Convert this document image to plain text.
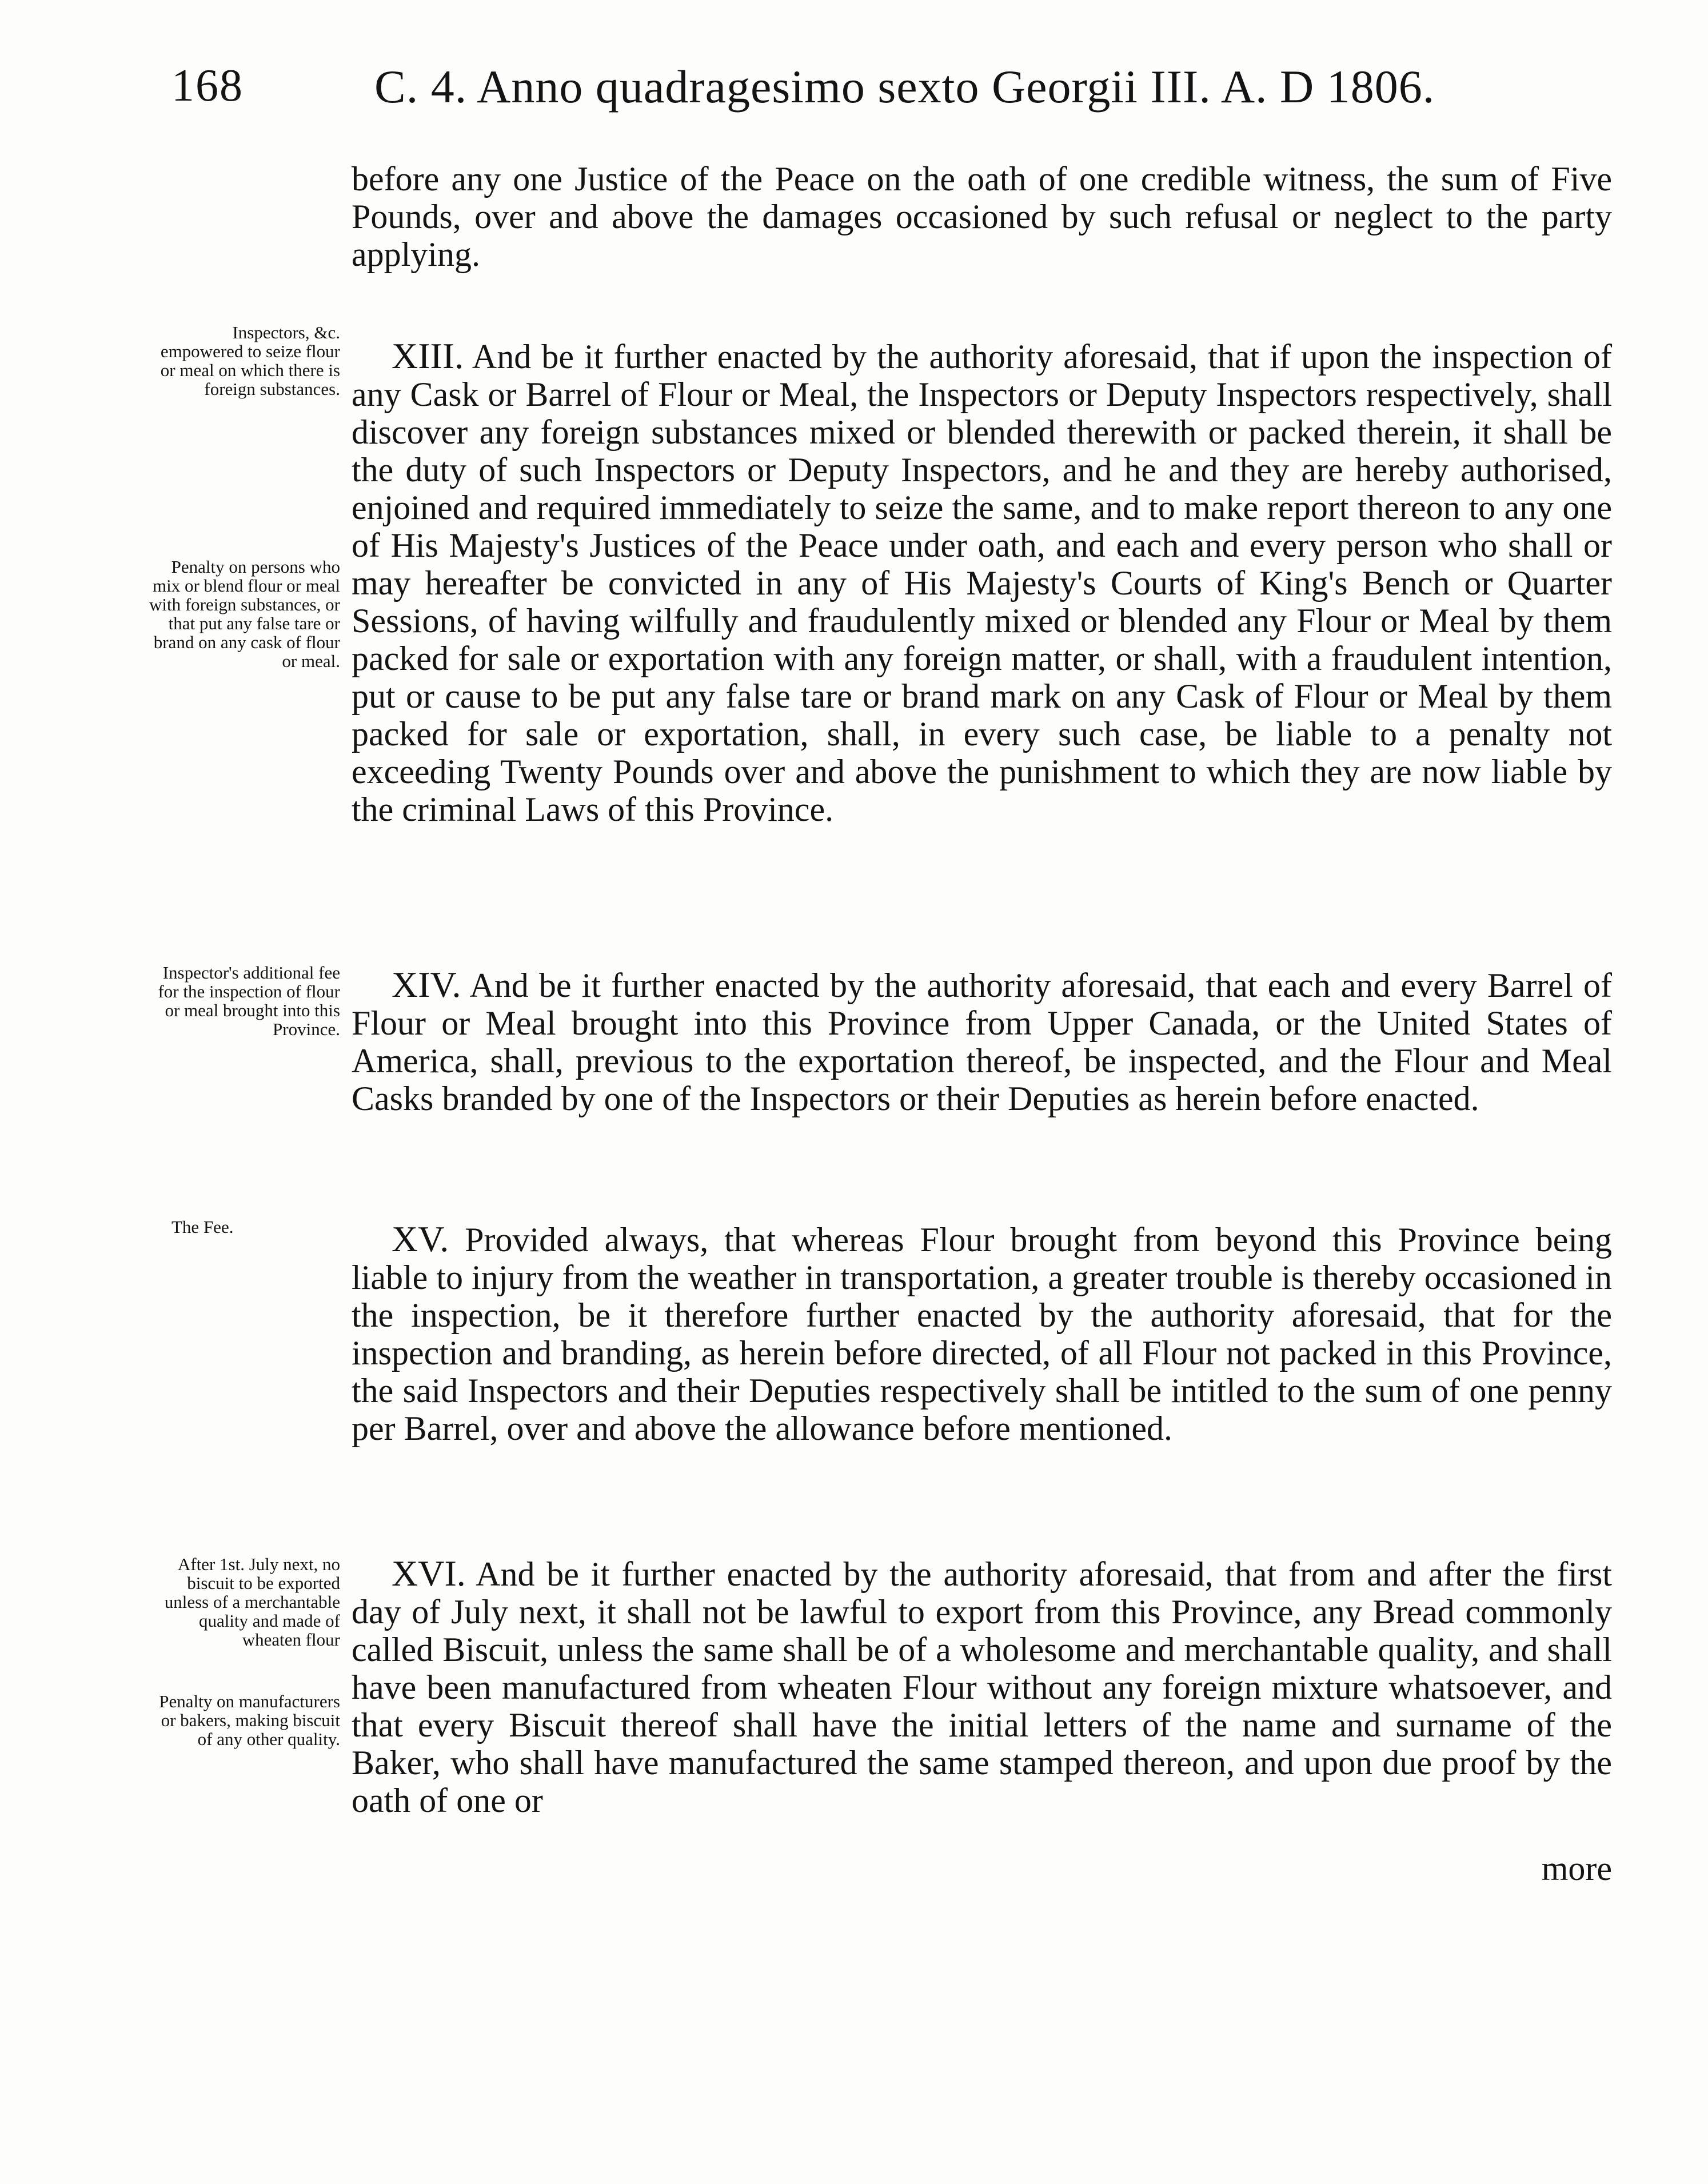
168	C. 4. Anno quadragesimo sexto Georgii III. A. D 1806.

before any one Justice of the Peace on the oath of one credible witness, the sum of Five Pounds, over and above the damages occasioned by such refusal or neglect to the party applying.

Inspectors, &c. empowered to seize flour or meal on which there is foreign substances.

Penalty on persons who mix or blend flour or meal with foreign substances, or that put any false tare or brand on any cask of flour or meal.

XIII. And be it further enacted by the authority aforesaid, that if upon the inspection of any Cask or Barrel of Flour or Meal, the Inspectors or Deputy Inspectors respectively, shall discover any foreign substances mixed or blended therewith or packed therein, it shall be the duty of such Inspectors or Deputy Inspectors, and he and they are hereby authorised, enjoined and required immediately to seize the same, and to make report thereon to any one of His Majesty's Justices of the Peace under oath, and each and every person who shall or may hereafter be convicted in any of His Majesty's Courts of King's Bench or Quarter Sessions, of having wilfully and fraudulently mixed or blended any Flour or Meal by them packed for sale or exportation with any foreign matter, or shall, with a fraudulent intention, put or cause to be put any false tare or brand mark on any Cask of Flour or Meal by them packed for sale or exportation, shall, in every such case, be liable to a penalty not exceeding Twenty Pounds over and above the punishment to which they are now liable by the criminal Laws of this Province.

Inspector's additional fee for the inspection of flour or meal brought into this Province.

XIV. And be it further enacted by the authority aforesaid, that each and every Barrel of Flour or Meal brought into this Province from Upper Canada, or the United States of America, shall, previous to the exportation thereof, be inspected, and the Flour and Meal Casks branded by one of the Inspectors or their Deputies as herein before enacted.

The Fee.	XV. Provided always, that whereas Flour brought from beyond this Province being liable to injury from the weather in transportation, a greater trouble is thereby occasioned in the inspection, be it therefore further enacted by the authority aforesaid, that for the inspection and branding, as herein before directed, of all Flour not packed in this Province, the said Inspectors and their Deputies respectively shall be intitled to the sum of one penny per Barrel, over and above the allowance before mentioned.

After 1st. July next, no biscuit to be exported unless of a merchantable quality and made of wheaten flour

Penalty on manufacturers or bakers, making biscuit of any other quality.

XVI. And be it further enacted by the authority aforesaid, that from and after the first day of July next, it shall not be lawful to export from this Province, any Bread commonly called Biscuit, unless the same shall be of a wholesome and merchantable quality, and shall have been manufactured from wheaten Flour without any foreign mixture whatsoever, and that every Biscuit thereof shall have the initial letters of the name and surname of the Baker, who shall have manufactured the same stamped thereon, and upon due proof by the oath of one or

more
